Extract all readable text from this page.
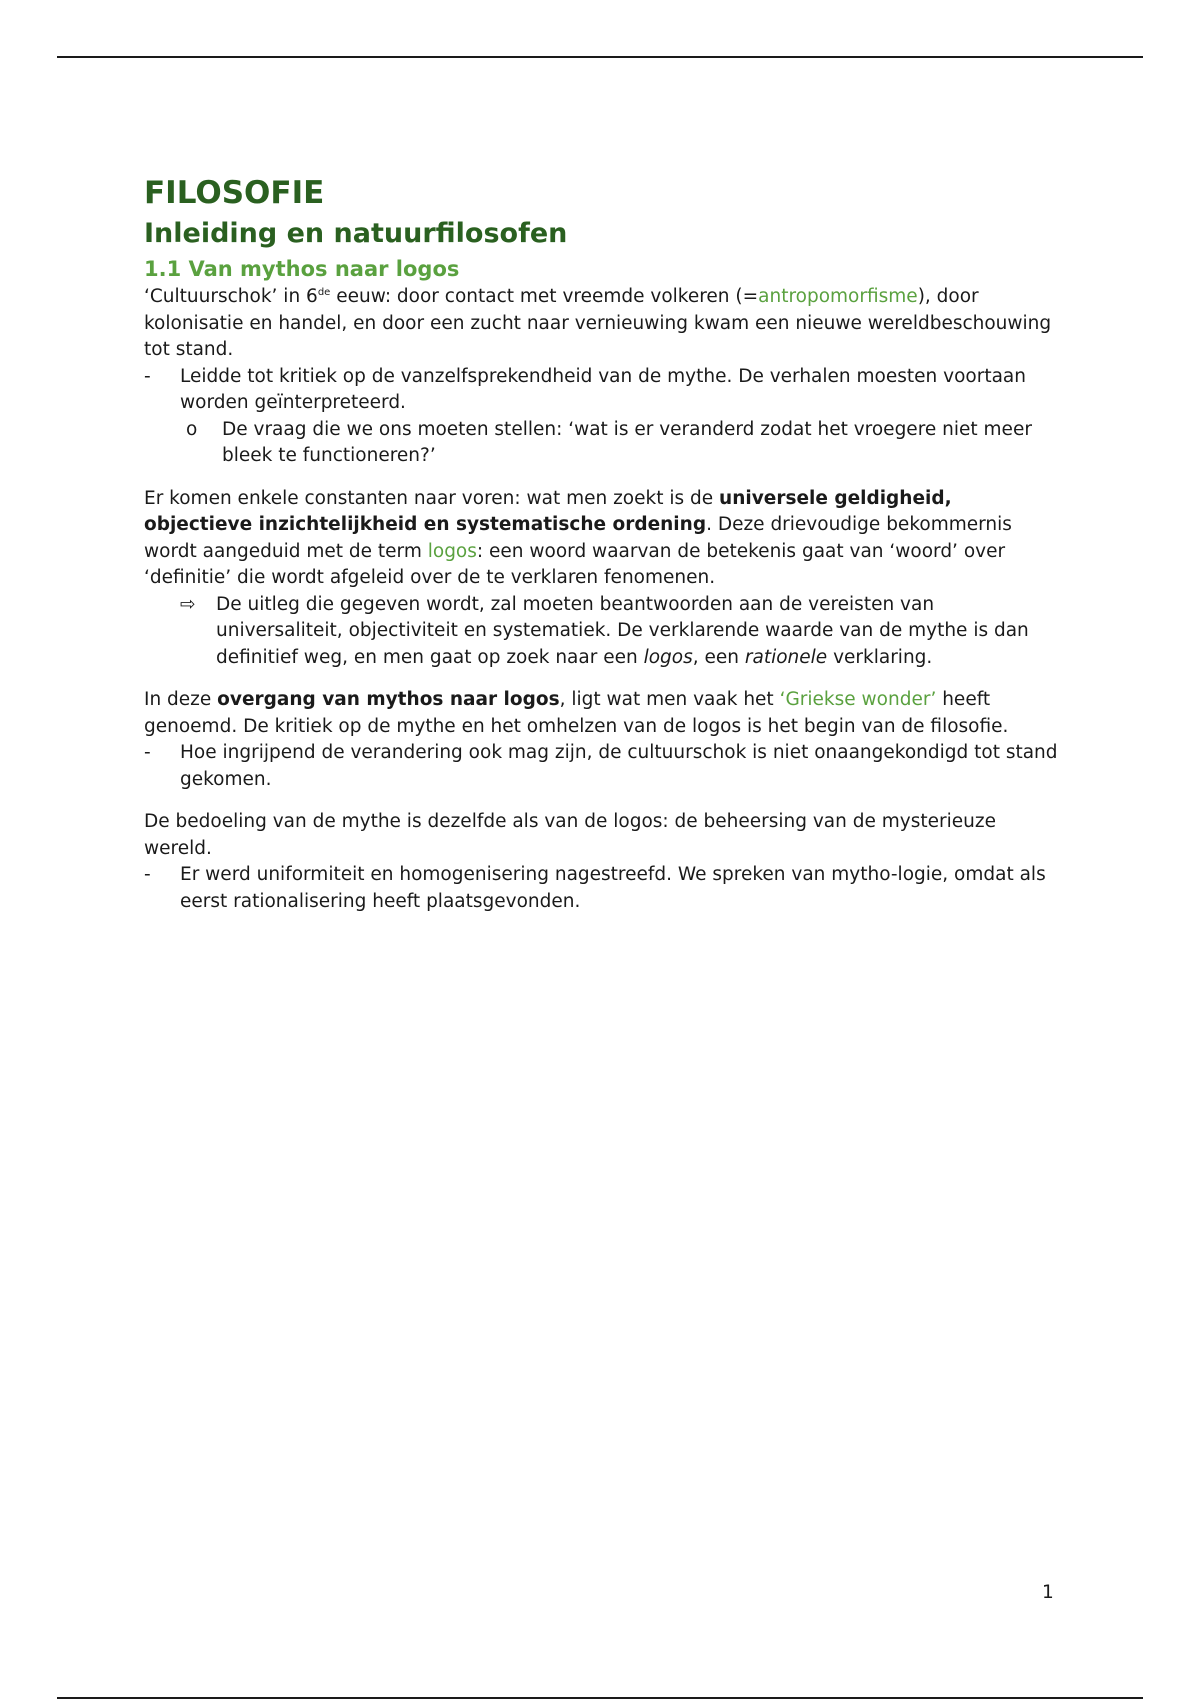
FILOSOFIE
Inleiding en natuurfilosofen
1.1 Van mythos naar logos

‘Cultuurschok’ in 6de eeuw: door contact met vreemde volkeren (=antropomorfisme), door kolonisatie en handel, en door een zucht naar vernieuwing kwam een nieuwe wereldbeschouwing tot stand.

- Leidde tot kritiek op de vanzelfsprekendheid van de mythe. De verhalen moesten voortaan worden geïnterpreteerd.
o De vraag die we ons moeten stellen: ‘wat is er veranderd zodat het vroegere niet meer bleek te functioneren?’

Er komen enkele constanten naar voren: wat men zoekt is de universele geldigheid, objectieve inzichtelijkheid en systematische ordening. Deze drievoudige bekommernis wordt aangeduid met de term logos: een woord waarvan de betekenis gaat van ‘woord’ over ‘definitie’ die wordt afgeleid over de te verklaren fenomenen.

⇨ De uitleg die gegeven wordt, zal moeten beantwoorden aan de vereisten van universaliteit, objectiviteit en systematiek. De verklarende waarde van de mythe is dan definitief weg, en men gaat op zoek naar een logos, een rationele verklaring.

In deze overgang van mythos naar logos, ligt wat men vaak het ‘Griekse wonder’ heeft genoemd. De kritiek op de mythe en het omhelzen van de logos is het begin van de filosofie.

- Hoe ingrijpend de verandering ook mag zijn, de cultuurschok is niet onaangekondigd tot stand gekomen.

De bedoeling van de mythe is dezelfde als van de logos: de beheersing van de mysterieuze wereld.

- Er werd uniformiteit en homogenisering nagestreefd. We spreken van mytho-logie, omdat als eerst rationalisering heeft plaatsgevonden.
1
